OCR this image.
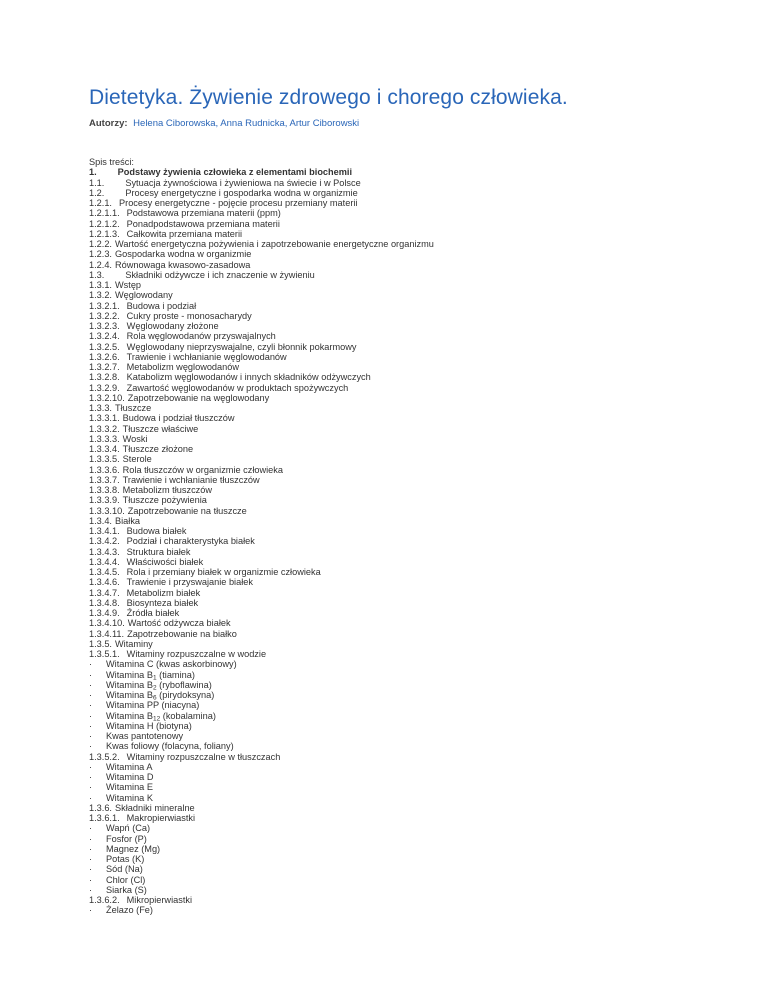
Dietetyka. Żywienie zdrowego i chorego człowieka.
Autorzy: Helena Ciborowska, Anna Rudnicka, Artur Ciborowski
Spis treści:
1. Podstawy żywienia człowieka z elementami biochemii
1.1. Sytuacja żywnościowa i żywieniowa na świecie i w Polsce
1.2. Procesy energetyczne i gospodarka wodna w organizmie
1.2.1. Procesy energetyczne - pojęcie procesu przemiany materii
1.2.1.1. Podstawowa przemiana materii (ppm)
1.2.1.2. Ponadpodstawowa przemiana materii
1.2.1.3. Całkowita przemiana materii
1.2.2. Wartość energetyczna pożywienia i zapotrzebowanie energetyczne organizmu
1.2.3. Gospodarka wodna w organizmie
1.2.4. Równowaga kwasowo-zasadowa
1.3. Składniki odżywcze i ich znaczenie w żywieniu
1.3.1. Wstęp
1.3.2. Węglowodany
1.3.2.1. Budowa i podział
1.3.2.2. Cukry proste - monosacharydy
1.3.2.3. Węglowodany złożone
1.3.2.4. Rola węglowodanów przyswajalnych
1.3.2.5. Węglowodany nieprzyswajalne, czyli błonnik pokarmowy
1.3.2.6. Trawienie i wchłanianie węglowodanów
1.3.2.7. Metabolizm węglowodanów
1.3.2.8. Katabolizm węglowodanów i innych składników odżywczych
1.3.2.9. Zawartość węglowodanów w produktach spożywczych
1.3.2.10. Zapotrzebowanie na węglowodany
1.3.3. Tłuszcze
1.3.3.1. Budowa i podział tłuszczów
1.3.3.2. Tłuszcze właściwe
1.3.3.3. Woski
1.3.3.4. Tłuszcze złożone
1.3.3.5. Sterole
1.3.3.6. Rola tłuszczów w organizmie człowieka
1.3.3.7. Trawienie i wchłanianie tłuszczów
1.3.3.8. Metabolizm tłuszczów
1.3.3.9. Tłuszcze pożywienia
1.3.3.10. Zapotrzebowanie na tłuszcze
1.3.4. Białka
1.3.4.1. Budowa białek
1.3.4.2. Podział i charakterystyka białek
1.3.4.3. Struktura białek
1.3.4.4. Właściwości białek
1.3.4.5. Rola i przemiany białek w organizmie człowieka
1.3.4.6. Trawienie i przyswajanie białek
1.3.4.7. Metabolizm białek
1.3.4.8. Biosynteza białek
1.3.4.9. Źródła białek
1.3.4.10. Wartość odżywcza białek
1.3.4.11. Zapotrzebowanie na białko
1.3.5. Witaminy
1.3.5.1. Witaminy rozpuszczalne w wodzie
·	Witamina C (kwas askorbinowy)
·	Witamina $B_1$ (tiamina)
·	Witamina $B_2$ (ryboflawina)
·	Witamina $B_6$ (pirydoksyna)
·	Witamina PP (niacyna)
·	Witamina $B_{12}$ (kobalamina)
·	Witamina H (biotyna)
·	Kwas pantotenowy
·	Kwas foliowy (folacyna, foliany)
1.3.5.2. Witaminy rozpuszczalne w tłuszczach
·	Witamina A
·	Witamina D
·	Witamina E
·	Witamina K
1.3.6. Składniki mineralne
1.3.6.1. Makropierwiastki
·	Wapń (Ca)
·	Fosfor (P)
·	Magnez (Mg)
·	Potas (K)
·	Sód (Na)
·	Chlor (Cl)
·	Siarka (S)
1.3.6.2. Mikropierwiastki
·	Żelazo (Fe)
